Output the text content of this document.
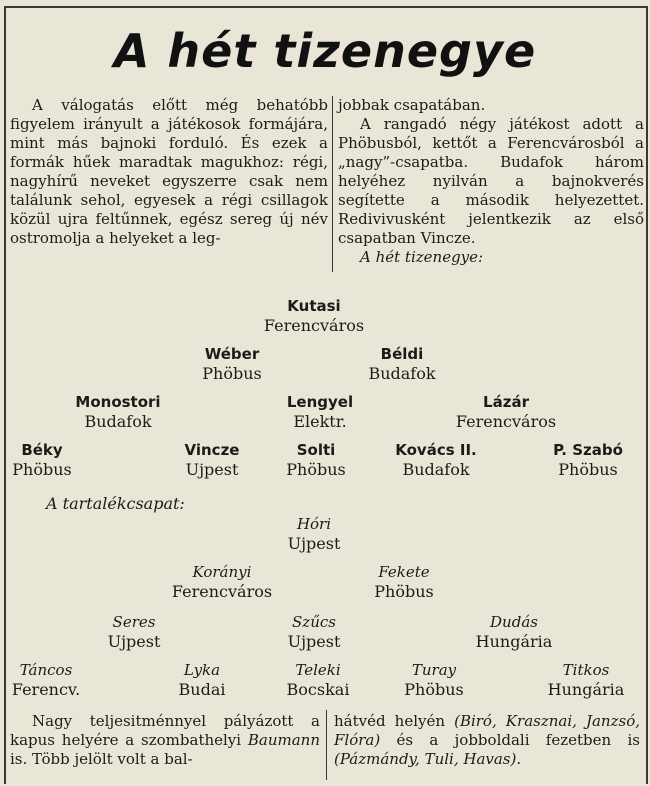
A hét tizenegye

A válogatás előtt még behatóbb figyelem irányult a játékosok formájára, mint más bajnoki forduló. És ezek a formák hűek maradtak magukhoz: régi, nagyhírű neveket egyszerre csak nem találunk sehol, egyesek a régi csillagok közül ujra feltűnnek, egész sereg új név ostromolja a helyeket a leg-

jobbak csapatában.

A rangadó négy játékost adott a Phöbusból, kettőt a Ferencvárosból a „nagy”-csapatba. Budafok három helyéhez nyilván a bajnokverés segítette a második helyezettet. Redivivusként jelentkezik az első csapatban Vincze.

A hét tizenegye:

Kutasi
Ferencváros
Wéber
Phöbus
Béldi
Budafok
Monostori
Budafok
Lengyel
Elektr.
Lázár
Ferencváros
Béky
Phöbus
Vincze
Ujpest
Solti
Phöbus
Kovács II.
Budafok
P. Szabó
Phöbus
A tartalékcsapat:
Hóri
Ujpest
Korányi
Ferencváros
Fekete
Phöbus
Seres
Ujpest
Szűcs
Ujpest
Dudás
Hungária
Táncos
Ferencv.
Lyka
Budai
Teleki
Bocskai
Turay
Phöbus
Titkos
Hungária

Nagy teljesitménnyel pályázott a kapus helyére a szombathelyi Baumann is. Több jelölt volt a bal-

hátvéd helyén (Biró, Krasznai, Janzsó, Flóra) és a jobboldali fezetben is (Pázmándy, Tuli, Havas).
